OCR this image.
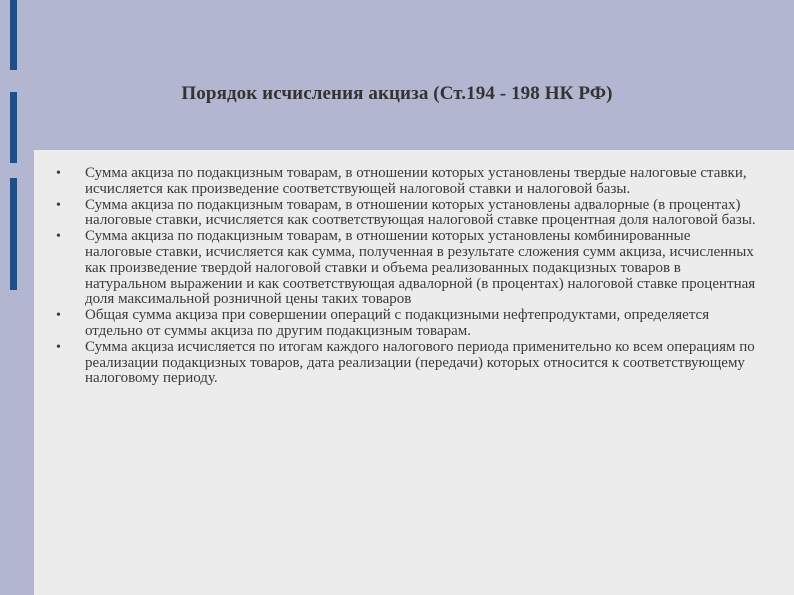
Порядок исчисления акциза (Ст.194 - 198 НК РФ)
• Сумма акциза по подакцизным товарам, в отношении которых установлены твердые налоговые ставки, исчисляется как произведение соответствующей налоговой ставки и налоговой базы.
• Сумма акциза по подакцизным товарам, в отношении которых установлены адвалорные (в процентах) налоговые ставки, исчисляется как соответствующая налоговой ставке процентная доля налоговой базы.
• Сумма акциза по подакцизным товарам, в отношении которых установлены комбинированные налоговые ставки, исчисляется как сумма, полученная в результате сложения сумм акциза, исчисленных как произведение твердой налоговой ставки и объема реализованных подакцизных товаров в натуральном выражении и как соответствующая адвалорной (в процентах) налоговой ставке процентная доля максимальной розничной цены таких товаров
• Общая сумма акциза при совершении операций с подакцизными нефтепродуктами, определяется отдельно от суммы акциза по другим подакцизным товарам.
• Сумма акциза исчисляется по итогам каждого налогового периода применительно ко всем операциям по реализации подакцизных товаров, дата реализации (передачи) которых относится к соответствующему налоговому периоду.
